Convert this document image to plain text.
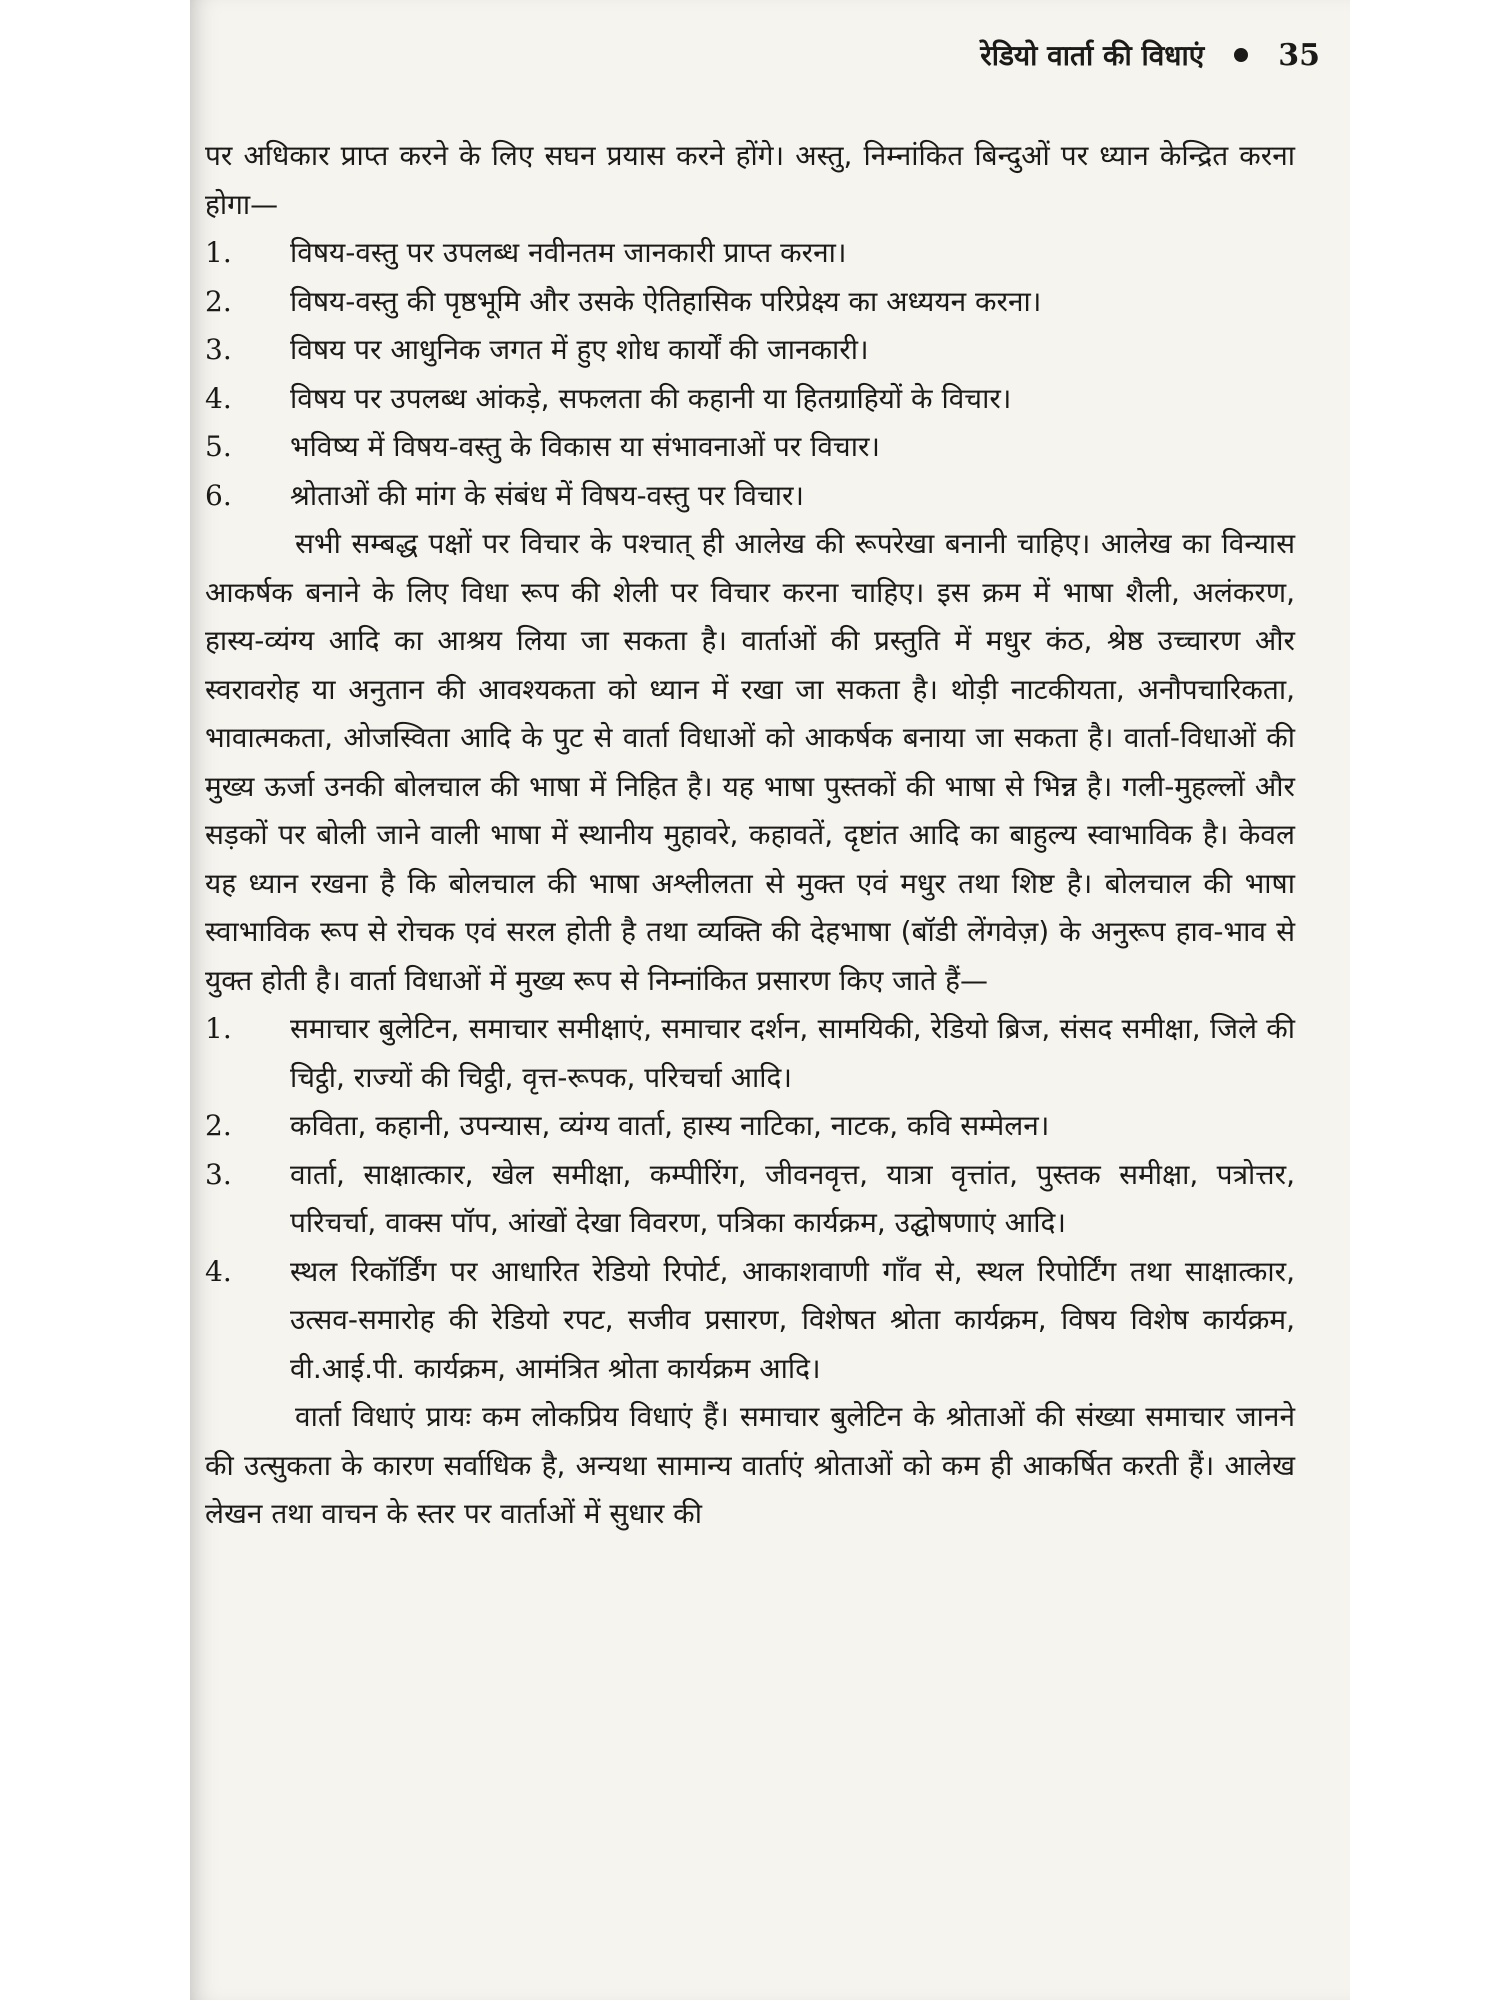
रेडियो वार्ता की विधाएं 35

पर अधिकार प्राप्त करने के लिए सघन प्रयास करने होंगे। अस्तु, निम्नांकित बिन्दुओं पर ध्यान केन्द्रित करना होगा—

1.	विषय-वस्तु पर उपलब्ध नवीनतम जानकारी प्राप्त करना।
2.	विषय-वस्तु की पृष्ठभूमि और उसके ऐतिहासिक परिप्रेक्ष्य का अध्ययन करना।
3.	विषय पर आधुनिक जगत में हुए शोध कार्यों की जानकारी।
4.	विषय पर उपलब्ध आंकड़े, सफलता की कहानी या हितग्राहियों के विचार।
5.	भविष्य में विषय-वस्तु के विकास या संभावनाओं पर विचार।
6.	श्रोताओं की मांग के संबंध में विषय-वस्तु पर विचार।

सभी सम्बद्ध पक्षों पर विचार के पश्चात् ही आलेख की रूपरेखा बनानी चाहिए। आलेख का विन्यास आकर्षक बनाने के लिए विधा रूप की शेली पर विचार करना चाहिए। इस क्रम में भाषा शैली, अलंकरण, हास्य-व्यंग्य आदि का आश्रय लिया जा सकता है। वार्ताओं की प्रस्तुति में मधुर कंठ, श्रेष्ठ उच्चारण और स्वरावरोह या अनुतान की आवश्यकता को ध्यान में रखा जा सकता है। थोड़ी नाटकीयता, अनौपचारिकता, भावात्मकता, ओजस्विता आदि के पुट से वार्ता विधाओं को आकर्षक बनाया जा सकता है। वार्ता-विधाओं की मुख्य ऊर्जा उनकी बोलचाल की भाषा में निहित है। यह भाषा पुस्तकों की भाषा से भिन्न है। गली-मुहल्लों और सड़कों पर बोली जाने वाली भाषा में स्थानीय मुहावरे, कहावतें, दृष्टांत आदि का बाहुल्य स्वाभाविक है। केवल यह ध्यान रखना है कि बोलचाल की भाषा अश्लीलता से मुक्त एवं मधुर तथा शिष्ट है। बोलचाल की भाषा स्वाभाविक रूप से रोचक एवं सरल होती है तथा व्यक्ति की देहभाषा (बॉडी लेंगवेज़) के अनुरूप हाव-भाव से युक्त होती है। वार्ता विधाओं में मुख्य रूप से निम्नांकित प्रसारण किए जाते हैं—

1.	समाचार बुलेटिन, समाचार समीक्षाएं, समाचार दर्शन, सामयिकी, रेडियो ब्रिज, संसद समीक्षा, जिले की चिट्ठी, राज्यों की चिट्ठी, वृत्त-रूपक, परिचर्चा आदि।
2.	कविता, कहानी, उपन्यास, व्यंग्य वार्ता, हास्य नाटिका, नाटक, कवि सम्मेलन।
3.	वार्ता, साक्षात्कार, खेल समीक्षा, कम्पीरिंग, जीवनवृत्त, यात्रा वृत्तांत, पुस्तक समीक्षा, पत्रोत्तर, परिचर्चा, वाक्स पॉप, आंखों देखा विवरण, पत्रिका कार्यक्रम, उद्घोषणाएं आदि।
4.	स्थल रिकॉर्डिंग पर आधारित रेडियो रिपोर्ट, आकाशवाणी गाँव से, स्थल रिपोर्टिंग तथा साक्षात्कार, उत्सव-समारोह की रेडियो रपट, सजीव प्रसारण, विशेषत श्रोता कार्यक्रम, विषय विशेष कार्यक्रम, वी.आई.पी. कार्यक्रम, आमंत्रित श्रोता कार्यक्रम आदि।

वार्ता विधाएं प्रायः कम लोकप्रिय विधाएं हैं। समाचार बुलेटिन के श्रोताओं की संख्या समाचार जानने की उत्सुकता के कारण सर्वाधिक है, अन्यथा सामान्य वार्ताएं श्रोताओं को कम ही आकर्षित करती हैं। आलेख लेखन तथा वाचन के स्तर पर वार्ताओं में सुधार की
